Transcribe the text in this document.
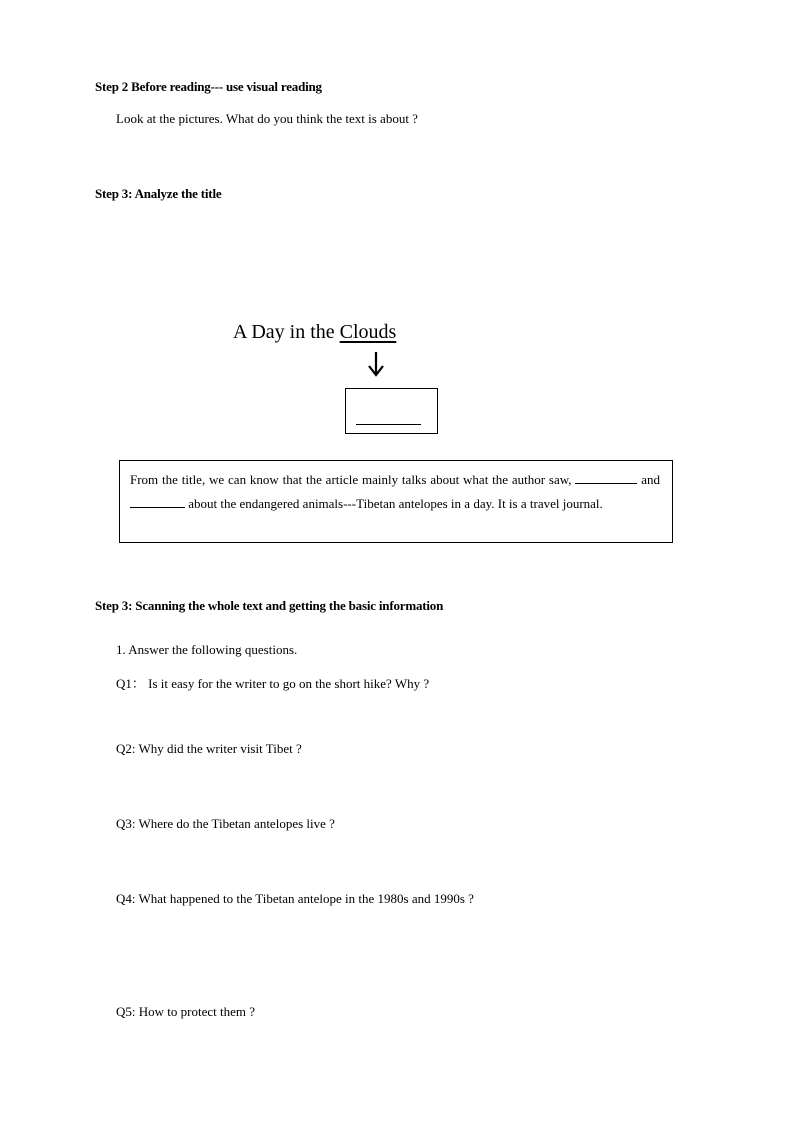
Step 2 Before reading--- use visual reading
Look at the pictures. What do you think the text is about ?
Step 3: Analyze the title
A Day in the Clouds
From the title, we can know that the article mainly talks about what the author saw,	and  about the endangered animals---Tibetan antelopes in a day. It is a travel journal.
Step 3: Scanning the whole text and getting the basic information
1. Answer the following questions.
Q1： Is it easy for the writer to go on the short hike? Why ?
Q2: Why did the writer visit Tibet ?
Q3: Where do the Tibetan antelopes live ?
Q4: What happened to the Tibetan antelope in the 1980s and 1990s ?
Q5: How to protect them ?
